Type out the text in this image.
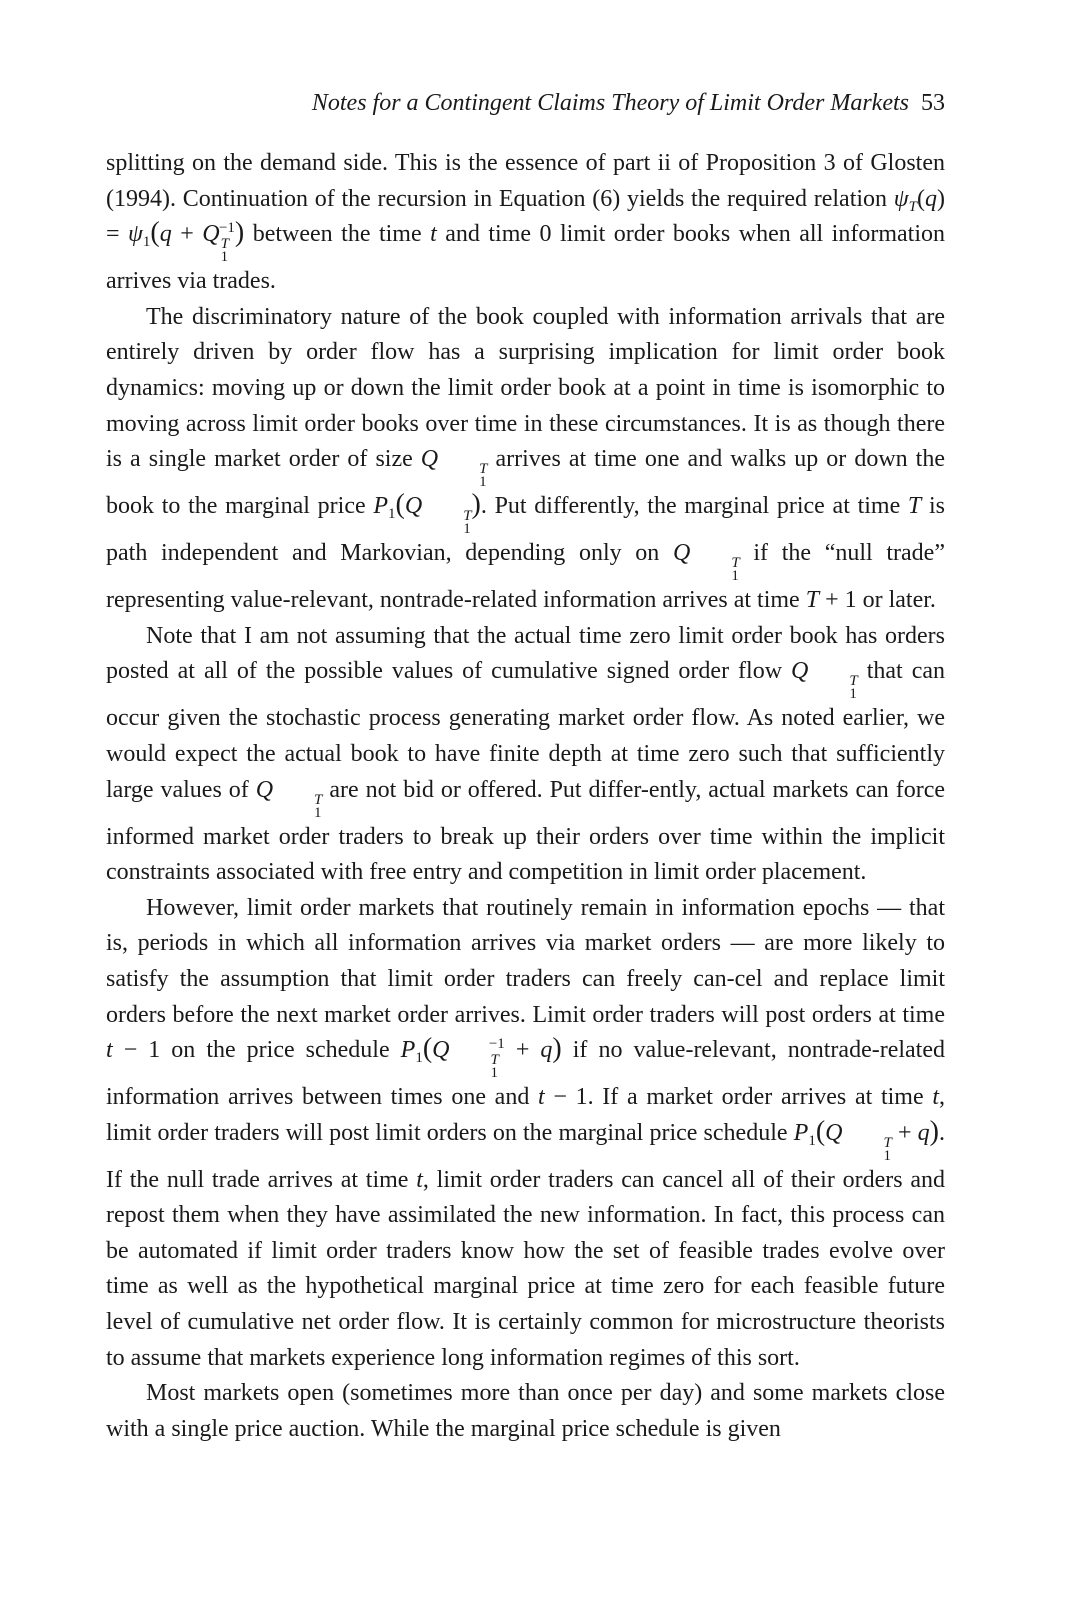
Notes for a Contingent Claims Theory of Limit Order Markets 53

splitting on the demand side. This is the essence of part ii of Proposition 3 of Glosten (1994). Continuation of the recursion in Equation (6) yields the required relation $\psi_T(q) = \psi_1(q + Q$ T
1
$^{-1}$) between the time t and time 0 limit order books when all information arrives via trades.

The discriminatory nature of the book coupled with information arrivals that are entirely driven by order flow has a surprising implication for limit order book dynamics: moving up or down the limit order book at a point in time is isomorphic to moving across limit order books over time in these circumstances. It is as though there is a single market order of size Q	T
1
arrives at time one and walks up or down the book to the marginal price $P_1(Q$	T
1
). Put differently, the marginal price at time T is path independent and Markovian, depending only on Q	T
1
if the “null trade” representing value-relevant, nontrade-related information arrives at time T + 1 or later.

Note that I am not assuming that the actual time zero limit order book has orders posted at all of the possible values of cumulative signed order flow Q	T
1
that can occur given the stochastic process generating market order flow. As noted earlier, we would expect the actual book to have finite depth at time zero such that sufficiently large values of Q	T
1
are not bid or offered. Put differ-ently, actual markets can force informed market order traders to break up their orders over time within the implicit constraints associated with free entry and competition in limit order placement.

However, limit order markets that routinely remain in information epochs — that is, periods in which all information arrives via market orders — are more likely to satisfy the assumption that limit order traders can freely can-cel and replace limit orders before the next market order arrives. Limit order traders will post orders at time t − 1 on the price schedule $P_1(Q$	T
1
$^{-1}$ + q) if no value-relevant, nontrade-related information arrives between times one and t − 1. If a market order arrives at time t, limit order traders will post limit orders on the marginal price schedule $P_1(Q$	T
1
+ q). If the null trade arrives at time t, limit order traders can cancel all of their orders and repost them when they have assimilated the new information. In fact, this process can be automated if limit order traders know how the set of feasible trades evolve over time as well as the hypothetical marginal price at time zero for each feasible future level of cumulative net order flow. It is certainly common for microstructure theorists to assume that markets experience long information regimes of this sort.

Most markets open (sometimes more than once per day) and some markets close with a single price auction. While the marginal price schedule is given
